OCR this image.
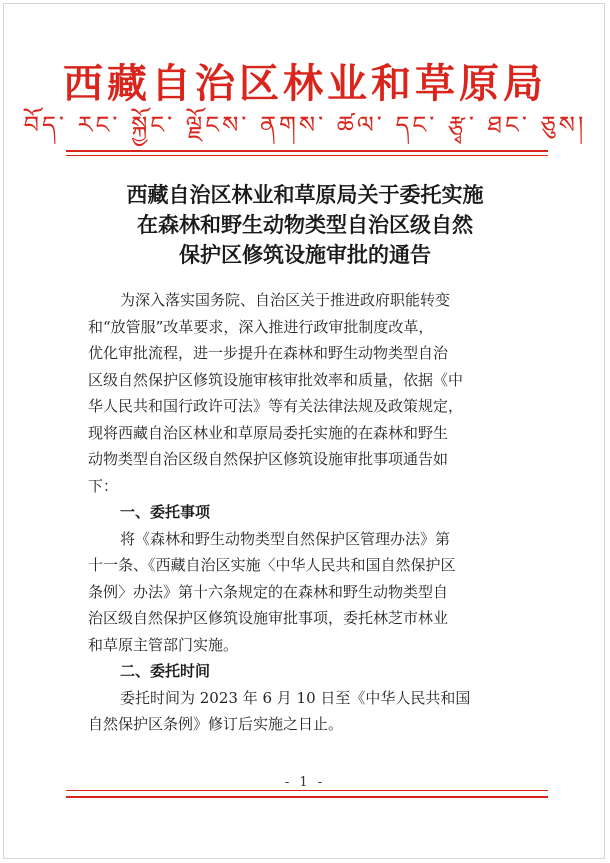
西藏自治区林业和草原局
བོད་ རང་ སྐྱོང་ ལྗོངས་ ནགས་ ཚལ་ དང་ རྩྭ་ ཐང་ ཅུས།
西藏自治区林业和草原局关于委托实施
在森林和野生动物类型自治区级自然
保护区修筑设施审批的通告
为深入落实国务院、自治区关于推进政府职能转变
和“放管服”改革要求，深入推进行政审批制度改革，
优化审批流程，进一步提升在森林和野生动物类型自治
区级自然保护区修筑设施审核审批效率和质量，依据《中
华人民共和国行政许可法》等有关法律法规及政策规定，
现将西藏自治区林业和草原局委托实施的在森林和野生
动物类型自治区级自然保护区修筑设施审批事项通告如
下：
一、委托事项
将《森林和野生动物类型自然保护区管理办法》第
十一条、《西藏自治区实施〈中华人民共和国自然保护区
条例〉办法》第十六条规定的在森林和野生动物类型自
治区级自然保护区修筑设施审批事项，委托林芝市林业
和草原主管部门实施。
二、委托时间
委托时间为 2023 年 6 月 10 日至《中华人民共和国
自然保护区条例》修订后实施之日止。
- 1 -
